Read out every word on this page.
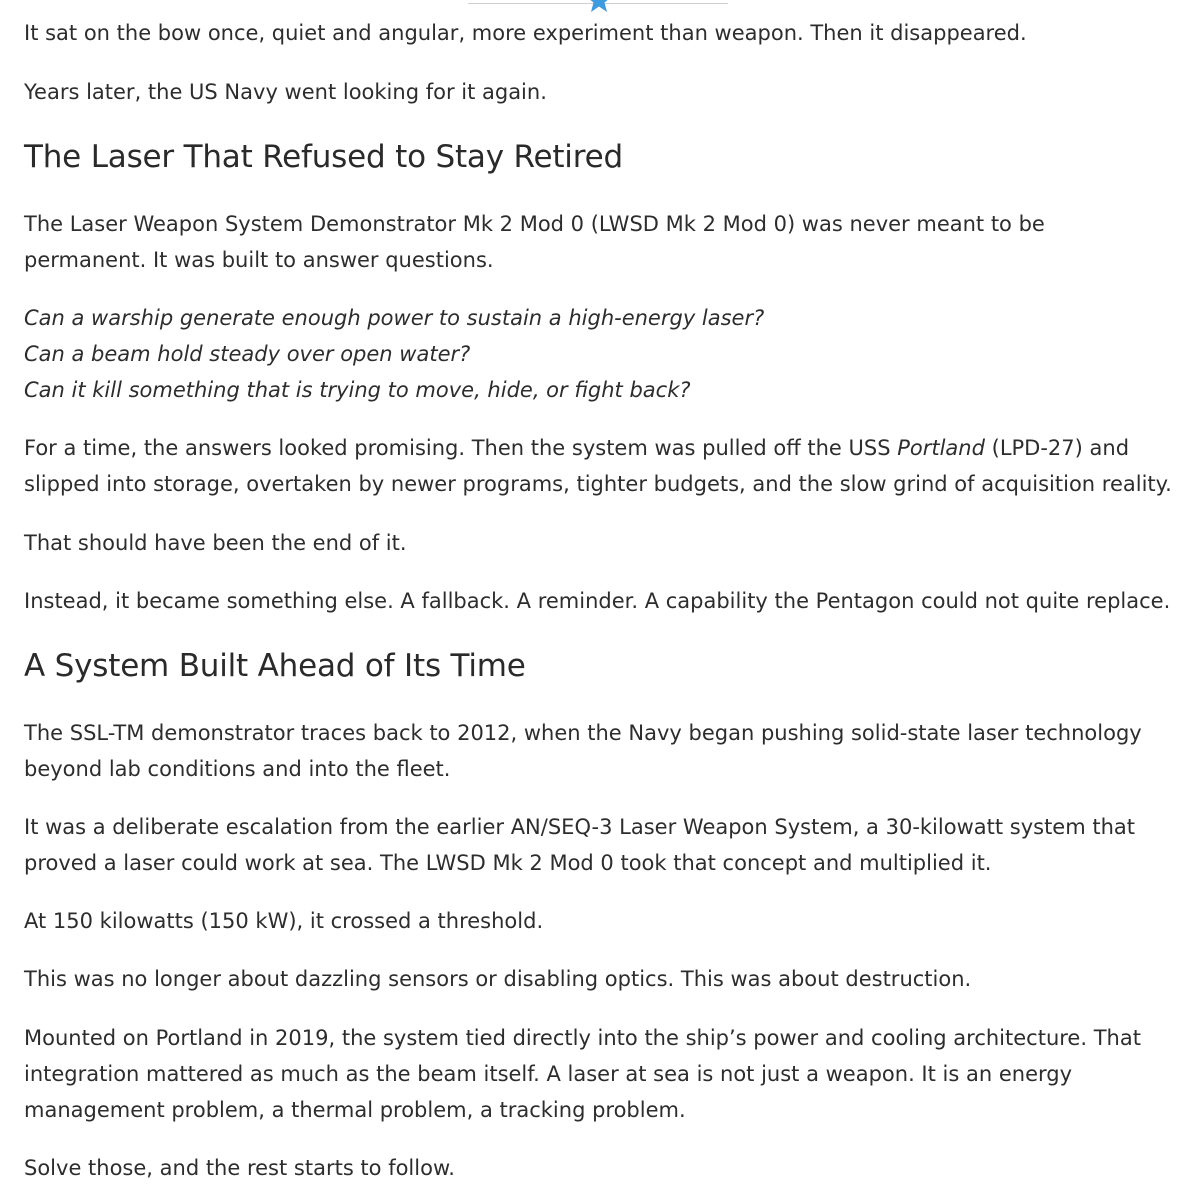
It sat on the bow once, quiet and angular, more experiment than weapon. Then it disappeared.

Years later, the US Navy went looking for it again.

The Laser That Refused to Stay Retired

The Laser Weapon System Demonstrator Mk 2 Mod 0 (LWSD Mk 2 Mod 0) was never meant to be

permanent. It was built to answer questions.

Can a warship generate enough power to sustain a high-energy laser?

Can a beam hold steady over open water?

Can it kill something that is trying to move, hide, or fight back?

For a time, the answers looked promising. Then the system was pulled off the USS Portland (LPD-27) and

slipped into storage, overtaken by newer programs, tighter budgets, and the slow grind of acquisition reality.

That should have been the end of it.

Instead, it became something else. A fallback. A reminder. A capability the Pentagon could not quite replace.

A System Built Ahead of Its Time

The SSL-TM demonstrator traces back to 2012, when the Navy began pushing solid-state laser technology

beyond lab conditions and into the fleet.

It was a deliberate escalation from the earlier AN/SEQ-3 Laser Weapon System, a 30-kilowatt system that

proved a laser could work at sea. The LWSD Mk 2 Mod 0 took that concept and multiplied it.

At 150 kilowatts (150 kW), it crossed a threshold.

This was no longer about dazzling sensors or disabling optics. This was about destruction.

Mounted on Portland in 2019, the system tied directly into the ship’s power and cooling architecture. That

integration mattered as much as the beam itself. A laser at sea is not just a weapon. It is an energy

management problem, a thermal problem, a tracking problem.

Solve those, and the rest starts to follow.
